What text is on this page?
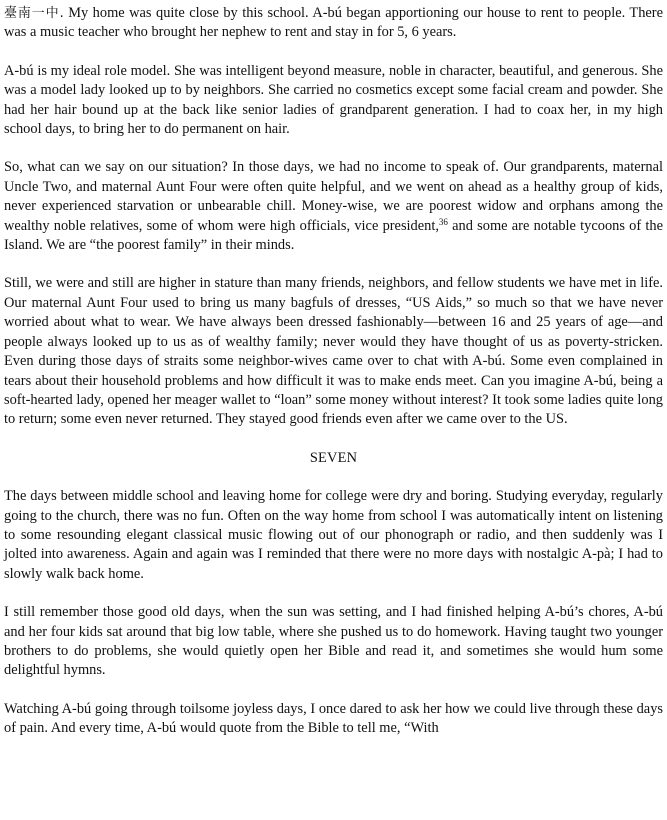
臺南一中. My home was quite close by this school. A-bú began apportioning our house to rent to people. There was a music teacher who brought her nephew to rent and stay in for 5, 6 years.

A-bú is my ideal role model. She was intelligent beyond measure, noble in character, beautiful, and generous. She was a model lady looked up to by neighbors. She carried no cosmetics except some facial cream and powder. She had her hair bound up at the back like senior ladies of grandparent generation. I had to coax her, in my high school days, to bring her to do permanent on hair.

So, what can we say on our situation? In those days, we had no income to speak of. Our grandparents, maternal Uncle Two, and maternal Aunt Four were often quite helpful, and we went on ahead as a healthy group of kids, never experienced starvation or unbearable chill. Money-wise, we are poorest widow and orphans among the wealthy noble relatives, some of whom were high officials, vice president,$^{36}$ and some are notable tycoons of the Island. We are “the poorest family” in their minds.

Still, we were and still are higher in stature than many friends, neighbors, and fellow students we have met in life. Our maternal Aunt Four used to bring us many bagfuls of dresses, “US Aids,” so much so that we have never worried about what to wear. We have always been dressed fashionably—between 16 and 25 years of age—and people always looked up to us as of wealthy family; never would they have thought of us as poverty-stricken. Even during those days of straits some neighbor-wives came over to chat with A-bú. Some even complained in tears about their household problems and how difficult it was to make ends meet. Can you imagine A-bú, being a soft-hearted lady, opened her meager wallet to “loan” some money without interest? It took some ladies quite long to return; some even never returned. They stayed good friends even after we came over to the US.

SEVEN

The days between middle school and leaving home for college were dry and boring. Studying everyday, regularly going to the church, there was no fun. Often on the way home from school I was automatically intent on listening to some resounding elegant classical music flowing out of our phonograph or radio, and then suddenly was I jolted into awareness. Again and again was I reminded that there were no more days with nostalgic A-pà; I had to slowly walk back home.

I still remember those good old days, when the sun was setting, and I had finished helping A-bú’s chores, A-bú and her four kids sat around that big low table, where she pushed us to do homework. Having taught two younger brothers to do problems, she would quietly open her Bible and read it, and sometimes she would hum some delightful hymns.

Watching A-bú going through toilsome joyless days, I once dared to ask her how we could live through these days of pain. And every time, A-bú would quote from the Bible to tell me, “With
